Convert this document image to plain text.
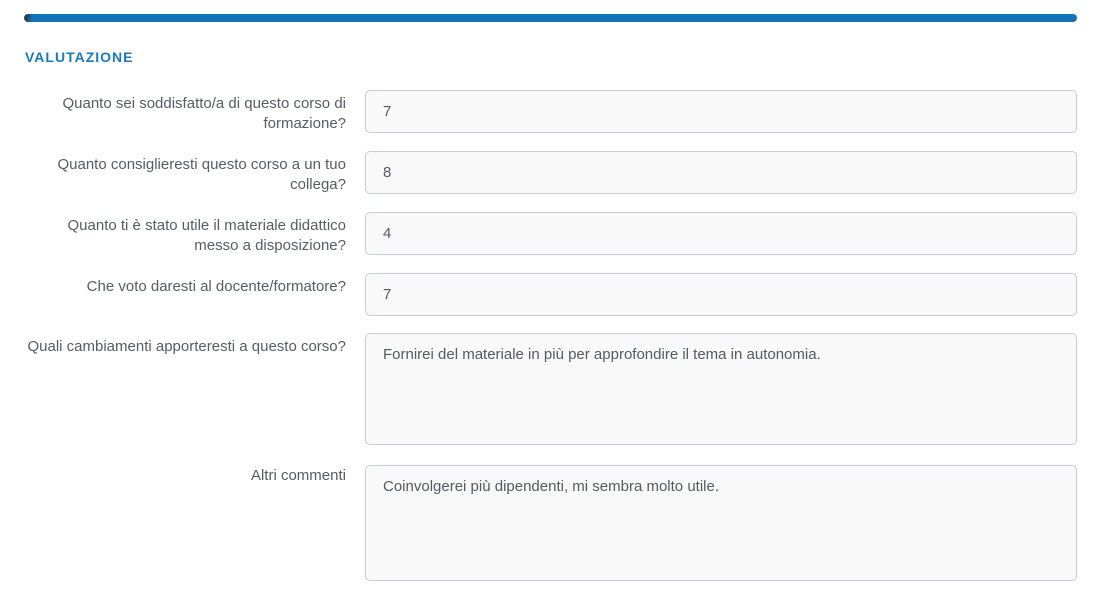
VALUTAZIONE
Quanto sei soddisfatto/a di questo corso di formazione?
7
Quanto consiglieresti questo corso a un tuo collega?
8
Quanto ti è stato utile il materiale didattico messo a disposizione?
4
Che voto daresti al docente/formatore?
7
Quali cambiamenti apporteresti a questo corso?
Fornirei del materiale in più per approfondire il tema in autonomia.
Altri commenti
Coinvolgerei più dipendenti, mi sembra molto utile.
